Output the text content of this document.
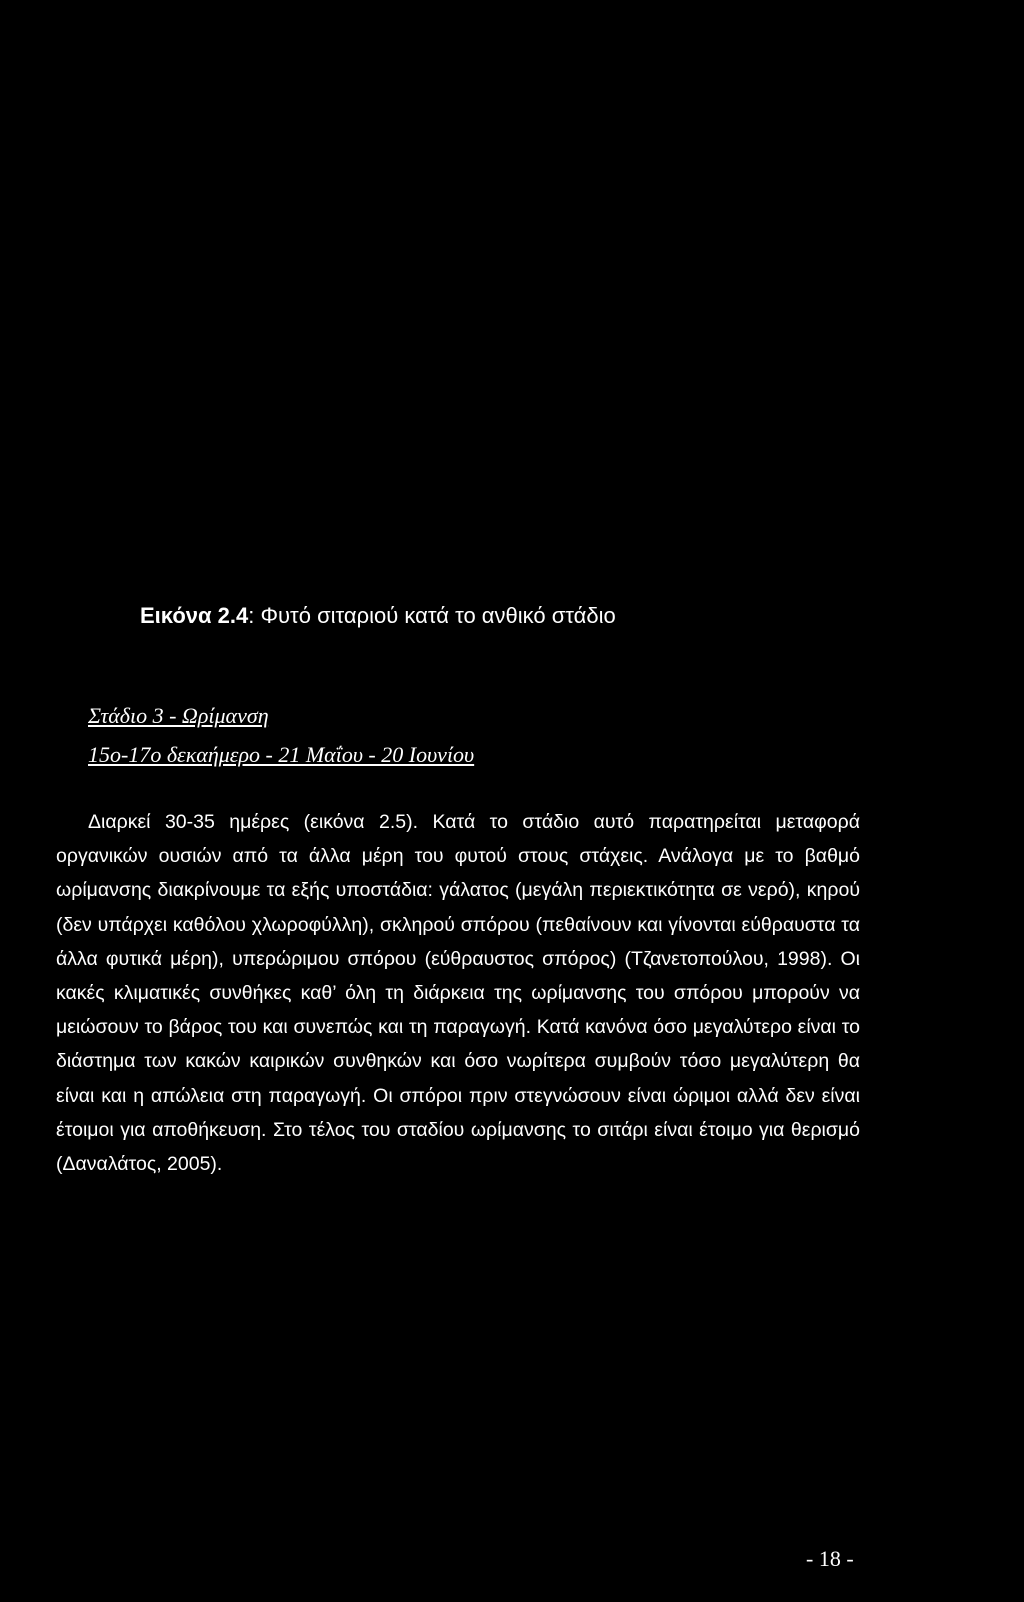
Εικόνα 2.4: Φυτό σιταριού κατά το ανθικό στάδιο
Στάδιο 3 - Ωρίμανση
15ο-17ο δεκαήμερο - 21 Μαΐου - 20 Ιουνίου

Διαρκεί 30-35 ημέρες (εικόνα 2.5). Κατά το στάδιο αυτό παρατηρείται μεταφορά οργανικών ουσιών από τα άλλα μέρη του φυτού στους στάχεις. Ανάλογα με το βαθμό ωρίμανσης διακρίνουμε τα εξής υποστάδια: γάλατος (μεγάλη περιεκτικότητα σε νερό), κηρού (δεν υπάρχει καθόλου χλωροφύλλη), σκληρού σπόρου (πεθαίνουν και γίνονται εύθραυστα τα άλλα φυτικά μέρη), υπερώριμου σπόρου (εύθραυστος σπόρος) (Τζανετοπούλου, 1998). Οι κακές κλιματικές συνθήκες καθ’ όλη τη διάρκεια της ωρίμανσης του σπόρου μπορούν να μειώσουν το βάρος του και συνεπώς και τη παραγωγή. Κατά κανόνα όσο μεγαλύτερο είναι το διάστημα των κακών καιρικών συνθηκών και όσο νωρίτερα συμβούν τόσο μεγαλύτερη θα είναι και η απώλεια στη παραγωγή. Οι σπόροι πριν στεγνώσουν είναι ώριμοι αλλά δεν είναι έτοιμοι για αποθήκευση. Στο τέλος του σταδίου ωρίμανσης το σιτάρι είναι έτοιμο για θερισμό (Δαναλάτος, 2005).

- 18 -
